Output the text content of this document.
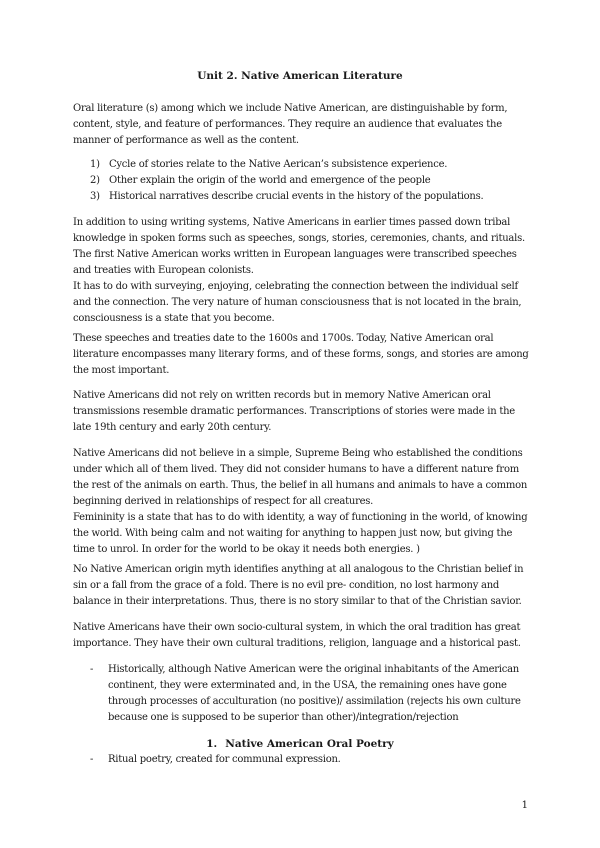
Unit 2. Native American Literature

Oral literature (s) among which we include Native American, are distinguishable by form, content, style, and feature of performances. They require an audience that evaluates the manner of performance as well as the content.

1) Cycle of stories relate to the Native Aerican’s subsistence experience.
2) Other explain the origin of the world and emergence of the people
3) Historical narratives describe crucial events in the history of the populations.

In addition to using writing systems, Native Americans in earlier times passed down tribal knowledge in spoken forms such as speeches, songs, stories, ceremonies, chants, and rituals. The first Native American works written in European languages were transcribed speeches and treaties with European colonists.

It has to do with surveying, enjoying, celebrating the connection between the individual self and the connection. The very nature of human consciousness that is not located in the brain, consciousness is a state that you become.

These speeches and treaties date to the 1600s and 1700s. Today, Native American oral literature encompasses many literary forms, and of these forms, songs, and stories are among the most important.

Native Americans did not rely on written records but in memory Native American oral transmissions resemble dramatic performances. Transcriptions of stories were made in the late 19th century and early 20th century.

Native Americans did not believe in a simple, Supreme Being who established the conditions under which all of them lived. They did not consider humans to have a different nature from the rest of the animals on earth. Thus, the belief in all humans and animals to have a common beginning derived in relationships of respect for all creatures.

Femininity is a state that has to do with identity, a way of functioning in the world, of knowing the world. With being calm and not waiting for anything to happen just now, but giving the time to unrol. In order for the world to be okay it needs both energies. )

No Native American origin myth identifies anything at all analogous to the Christian belief in sin or a fall from the grace of a fold. There is no evil pre- condition, no lost harmony and balance in their interpretations. Thus, there is no story similar to that of the Christian savior.

Native Americans have their own socio-cultural system, in which the oral tradition has great importance. They have their own cultural traditions, religion, language and a historical past.

- Historically, although Native American were the original inhabitants of the American continent, they were exterminated and, in the USA, the remaining ones have gone through processes of acculturation (no positive)/ assimilation (rejects his own culture because one is supposed to be superior than other)/integration/rejection
1. Native American Oral Poetry
- Ritual poetry, created for communal expression.
1
